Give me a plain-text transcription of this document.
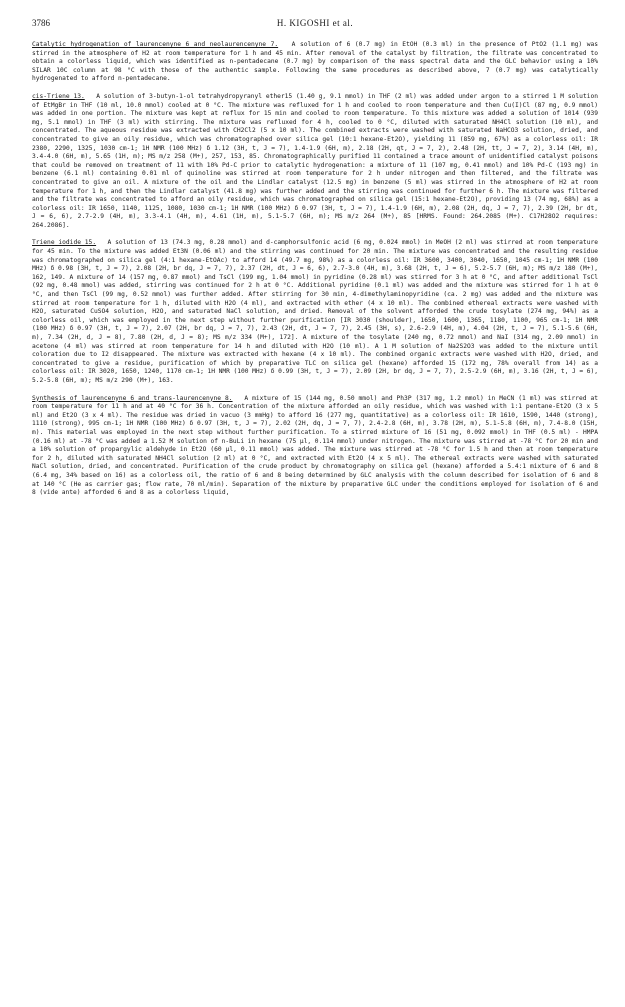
3786	H. KIGOSHI et al.

Catalytic hydrogenation of laurencenyne 6 and neolaurencenyne 7. A solution of 6 (0.7 mg) in EtOH (0.3 ml) in the presence of PtO2 (1.1 mg) was stirred in the atmosphere of H2 at room temperature for 1 h and 45 min. After removal of the catalyst by filtration, the filtrate was concentrated to obtain a colorless liquid, which was identified as n-pentadecane (0.7 mg) by comparison of the mass spectral data and the GLC behavior using a 10% SILAR 10C column at 98 °C with those of the authentic sample. Following the same procedures as described above, 7 (0.7 mg) was catalytically hydrogenated to afford n-pentadecane.

cis-Triene 13. A solution of 3-butyn-1-ol tetrahydropyranyl ether15 (1.40 g, 9.1 mmol) in THF (2 ml) was added under argon to a stirred 1 M solution of EtMgBr in THF (10 ml, 10.0 mmol) cooled at 0 °C. The mixture was refluxed for 1 h and cooled to room temperature and then Cu(I)Cl (87 mg, 0.9 mmol) was added in one portion. The mixture was kept at reflux for 15 min and cooled to room temperature. To this mixture was added a solution of 1014 (939 mg, 5.1 mmol) in THF (3 ml) with stirring. The mixture was refluxed for 4 h, cooled to 0 °C, diluted with saturated NH4Cl solution (10 ml), and concentrated. The aqueous residue was extracted with CH2Cl2 (5 x 10 ml). The combined extracts were washed with saturated NaHCO3 solution, dried, and concentrated to give an oily residue, which was chromatographed over silica gel (10:1 hexane-Et2O), yielding 11 (859 mg, 67%) as a colorless oil: IR 2380, 2290, 1325, 1030 cm-1; 1H NMR (100 MHz) δ 1.12 (3H, t, J = 7), 1.4-1.9 (6H, m), 2.18 (2H, qt, J = 7, 2), 2.48 (2H, tt, J = 7, 2), 3.14 (4H, m), 3.4-4.0 (6H, m), 5.65 (1H, m); MS m/z 258 (M+), 257, 153, 85. Chromatographically purified 11 contained a trace amount of unidentified catalyst poisons that could be removed on treatment of 11 with 10% Pd-C prior to catalytic hydrogenation: a mixture of 11 (107 mg, 0.41 mmol) and 10% Pd-C (193 mg) in benzene (6.1 ml) containing 0.01 ml of quinoline was stirred at room temperature for 2 h under nitrogen and then filtered, and the filtrate was concentrated to give an oil. A mixture of the oil and the Lindlar catalyst (12.5 mg) in benzene (5 ml) was stirred in the atmosphere of H2 at room temperature for 1 h, and then the Lindlar catalyst (41.8 mg) was further added and the stirring was continued for further 6 h. The mixture was filtered and the filtrate was concentrated to afford an oily residue, which was chromatographed on silica gel (15:1 hexane-Et2O), providing 13 (74 mg, 68%) as a colorless oil: IR 1650, 1140, 1125, 1080, 1030 cm-1; 1H NMR (100 MHz) δ 0.97 (3H, t, J = 7), 1.4-1.9 (6H, m), 2.08 (2H, dq, J = 7, 7), 2.39 (2H, br dt, J = 6, 6), 2.7-2.9 (4H, m), 3.3-4.1 (4H, m), 4.61 (1H, m), 5.1-5.7 (6H, m); MS m/z 264 (M+), 85 [HRMS. Found: 264.2085 (M+). C17H28O2 requires: 264.2086].

Triene iodide 15. A solution of 13 (74.3 mg, 0.28 mmol) and d-camphorsulfonic acid (6 mg, 0.024 mmol) in MeOH (2 ml) was stirred at room temperature for 45 min. To the mixture was added Et3N (0.06 ml) and the stirring was continued for 20 min. The mixture was concentrated and the resulting residue was chromatographed on silica gel (4:1 hexane-EtOAc) to afford 14 (49.7 mg, 98%) as a colorless oil: IR 3600, 3400, 3040, 1650, 1045 cm-1; 1H NMR (100 MHz) δ 0.98 (3H, t, J = 7), 2.08 (2H, br dq, J = 7, 7), 2.37 (2H, dt, J = 6, 6), 2.7-3.0 (4H, m), 3.68 (2H, t, J = 6), 5.2-5.7 (6H, m); MS m/z 180 (M+), 162, 149. A mixture of 14 (157 mg, 0.87 mmol) and TsCl (199 mg, 1.04 mmol) in pyridine (0.28 ml) was stirred for 3 h at 0 °C, and after additional TsCl (92 mg, 0.48 mmol) was added, stirring was continued for 2 h at 0 °C. Additional pyridine (0.1 ml) was added and the mixture was stirred for 1 h at 0 °C, and then TsCl (99 mg, 0.52 mmol) was further added. After stirring for 30 min, 4-dimethylaminopyridine (ca. 2 mg) was added and the mixture was stirred at room temperature for 1 h, diluted with H2O (4 ml), and extracted with ether (4 x 10 ml). The combined ethereal extracts were washed with H2O, saturated CuSO4 solution, H2O, and saturated NaCl solution, and dried. Removal of the solvent afforded the crude tosylate (274 mg, 94%) as a colorless oil, which was employed in the next step without further purification [IR 3030 (shoulder), 1650, 1600, 1365, 1180, 1100, 965 cm-1; 1H NMR (100 MHz) δ 0.97 (3H, t, J = 7), 2.07 (2H, br dq, J = 7, 7), 2.43 (2H, dt, J = 7, 7), 2.45 (3H, s), 2.6-2.9 (4H, m), 4.04 (2H, t, J = 7), 5.1-5.6 (6H, m), 7.34 (2H, d, J = 8), 7.80 (2H, d, J = 8); MS m/z 334 (M+), 172]. A mixture of the tosylate (240 mg, 0.72 mmol) and NaI (314 mg, 2.09 mmol) in acetone (4 ml) was stirred at room temperature for 14 h and diluted with H2O (10 ml). A 1 M solution of Na2S2O3 was added to the mixture until coloration due to I2 disappeared. The mixture was extracted with hexane (4 x 10 ml). The combined organic extracts were washed with H2O, dried, and concentrated to give a residue, purification of which by preparative TLC on silica gel (hexane) afforded 15 (172 mg, 78% overall from 14) as a colorless oil: IR 3020, 1650, 1240, 1170 cm-1; 1H NMR (100 MHz) δ 0.99 (3H, t, J = 7), 2.09 (2H, br dq, J = 7, 7), 2.5-2.9 (6H, m), 3.16 (2H, t, J = 6), 5.2-5.8 (6H, m); MS m/z 290 (M+), 163.

Synthesis of laurencenyne 6 and trans-laurencenyne 8. A mixture of 15 (144 mg, 0.50 mmol) and Ph3P (317 mg, 1.2 mmol) in MeCN (1 ml) was stirred at room temperature for 11 h and at 40 °C for 36 h. Concentration of the mixture afforded an oily residue, which was washed with 1:1 pentane-Et2O (3 x 5 ml) and Et2O (3 x 4 ml). The residue was dried in vacuo (3 mmHg) to afford 16 (277 mg, quantitative) as a colorless oil: IR 1610, 1590, 1440 (strong), 1110 (strong), 995 cm-1; 1H NMR (100 MHz) δ 0.97 (3H, t, J = 7), 2.02 (2H, dq, J = 7, 7), 2.4-2.8 (6H, m), 3.78 (2H, m), 5.1-5.8 (6H, m), 7.4-8.0 (15H, m). This material was employed in the next step without further purification. To a stirred mixture of 16 (51 mg, 0.092 mmol) in THF (0.5 ml) - HMPA (0.16 ml) at -78 °C was added a 1.52 M solution of n-BuLi in hexane (75 µl, 0.114 mmol) under nitrogen. The mixture was stirred at -78 °C for 20 min and a 10% solution of propargylic aldehyde in Et2O (60 µl, 0.11 mmol) was added. The mixture was stirred at -78 °C for 1.5 h and then at room temperature for 2 h, diluted with saturated NH4Cl solution (2 ml) at 0 °C, and extracted with Et2O (4 x 5 ml). The ethereal extracts were washed with saturated NaCl solution, dried, and concentrated. Purification of the crude product by chromatography on silica gel (hexane) afforded a 5.4:1 mixture of 6 and 8 (6.4 mg, 34% based on 16) as a colorless oil, the ratio of 6 and 8 being determined by GLC analysis with the column described for isolation of 6 and 8 at 140 °C (He as carrier gas; flow rate, 70 ml/min). Separation of the mixture by preparative GLC under the conditions employed for isolation of 6 and 8 (vide ante) afforded 6 and 8 as a colorless liquid,
